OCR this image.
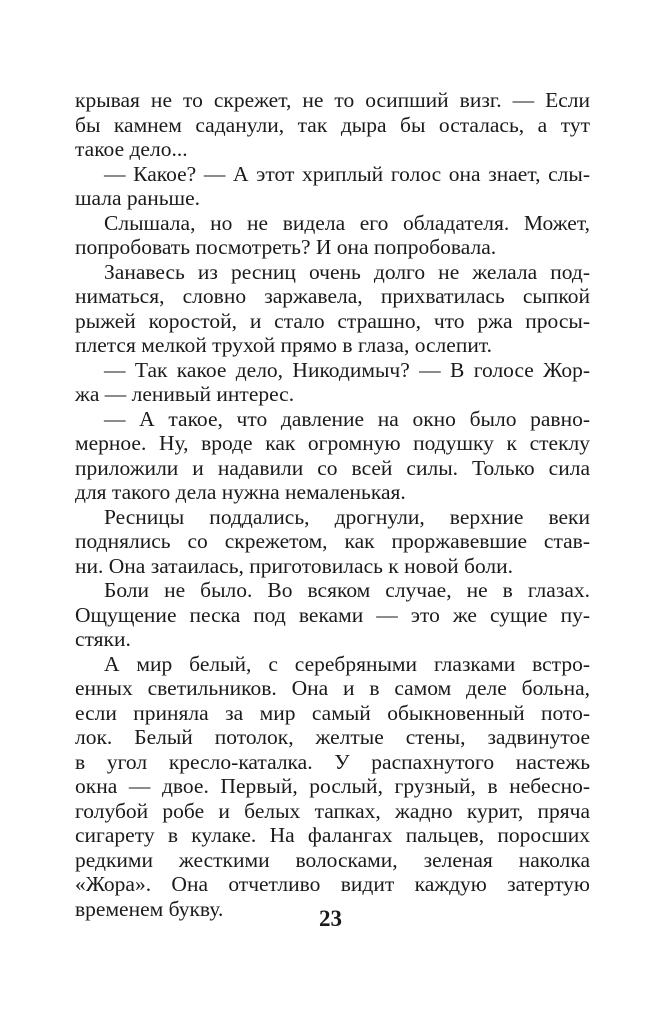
крывая не то скрежет, не то осипший визг. — Если
бы камнем саданули, так дыра бы осталась, а тут
такое дело...
— Какое? — А этот хриплый голос она знает, слы-
шала раньше.
Слышала, но не видела его обладателя. Может,
попробовать посмотреть? И она попробовала.
Занавесь из ресниц очень долго не желала под-
ниматься, словно заржавела, прихватилась сыпкой
рыжей коростой, и стало страшно, что ржа просы-
плется мелкой трухой прямо в глаза, ослепит.
— Так какое дело, Никодимыч? — В голосе Жор-
жа — ленивый интерес.
— А такое, что давление на окно было равно-
мерное. Ну, вроде как огромную подушку к стеклу
приложили и надавили со всей силы. Только сила
для такого дела нужна немаленькая.
Ресницы поддались, дрогнули, верхние веки
поднялись со скрежетом, как проржавевшие став-
ни. Она затаилась, приготовилась к новой боли.
Боли не было. Во всяком случае, не в глазах.
Ощущение песка под веками — это же сущие пу-
стяки.
А мир белый, с серебряными глазками встро-
енных светильников. Она и в самом деле больна,
если приняла за мир самый обыкновенный пото-
лок. Белый потолок, желтые стены, задвинутое
в угол кресло-каталка. У распахнутого настежь
окна — двое. Первый, рослый, грузный, в небесно-
голубой робе и белых тапках, жадно курит, пряча
сигарету в кулаке. На фалангах пальцев, поросших
редкими жесткими волосками, зеленая наколка
«Жора». Она отчетливо видит каждую затертую
временем букву.	23
